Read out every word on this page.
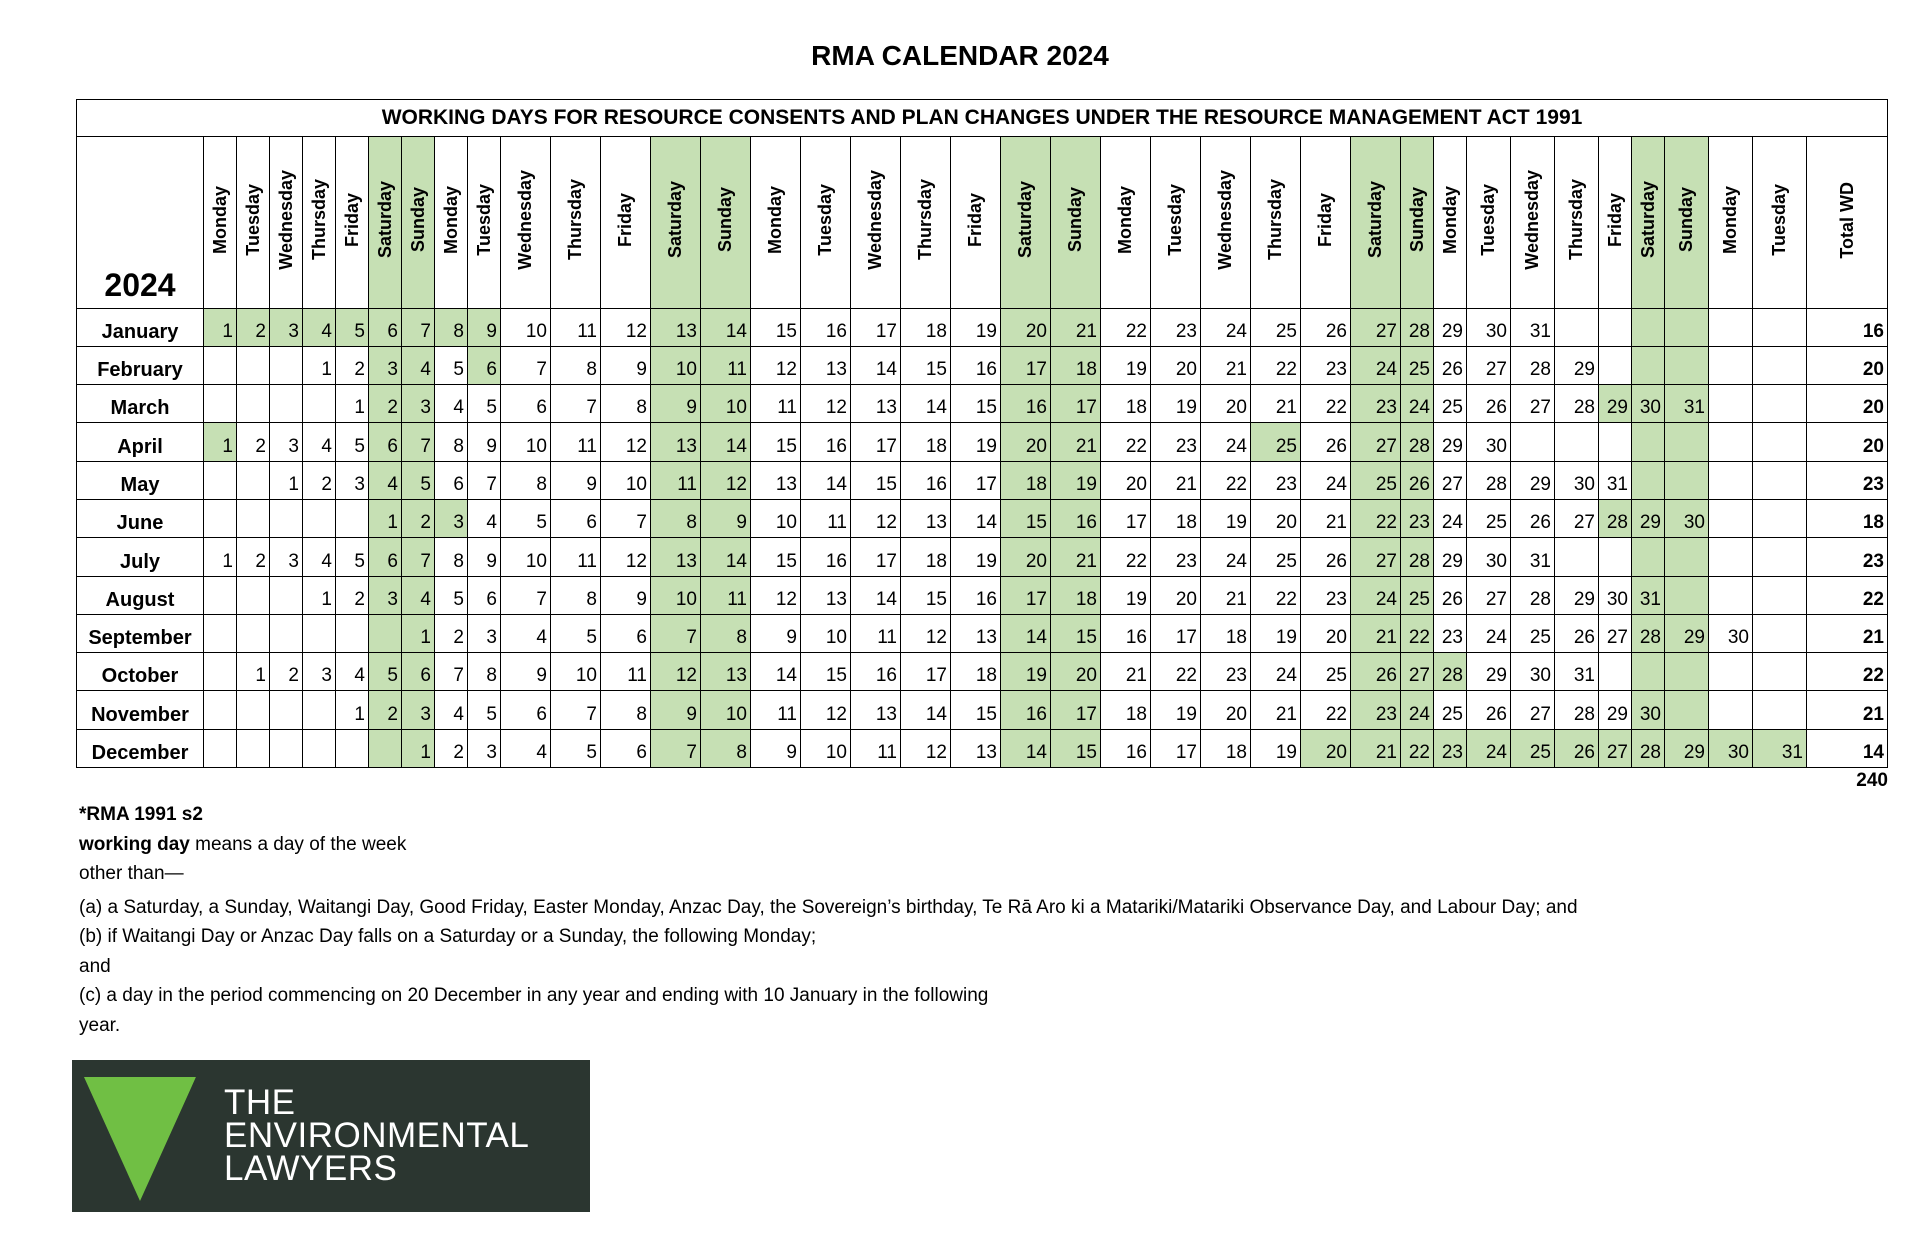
RMA CALENDAR 2024
WORKING DAYS FOR RESOURCE CONSENTS AND PLAN CHANGES UNDER THE RESOURCE MANAGEMENT ACT 1991																																						
2024	Monday	Tuesday	Wednesday	Thursday	Friday	Saturday	Sunday	Monday	Tuesday	Wednesday	Thursday	Friday	Saturday	Sunday	Monday	Tuesday	Wednesday	Thursday	Friday	Saturday	Sunday	Monday	Tuesday	Wednesday	Thursday	Friday	Saturday	Sunday	Monday	Tuesday	Wednesday	Thursday	Friday	Saturday	Sunday	Monday	Tuesday	Total WD
January	1	2	3	4	5	6	7	8	9	10	11	12	13	14	15	16	17	18	19	20	21	22	23	24	25	26	27	28	29	30	31							16
February				1	2	3	4	5	6	7	8	9	10	11	12	13	14	15	16	17	18	19	20	21	22	23	24	25	26	27	28	29						20
March					1	2	3	4	5	6	7	8	9	10	11	12	13	14	15	16	17	18	19	20	21	22	23	24	25	26	27	28	29	30	31			20
April	1	2	3	4	5	6	7	8	9	10	11	12	13	14	15	16	17	18	19	20	21	22	23	24	25	26	27	28	29	30								20
May			1	2	3	4	5	6	7	8	9	10	11	12	13	14	15	16	17	18	19	20	21	22	23	24	25	26	27	28	29	30	31					23
June						1	2	3	4	5	6	7	8	9	10	11	12	13	14	15	16	17	18	19	20	21	22	23	24	25	26	27	28	29	30			18
July	1	2	3	4	5	6	7	8	9	10	11	12	13	14	15	16	17	18	19	20	21	22	23	24	25	26	27	28	29	30	31							23
August				1	2	3	4	5	6	7	8	9	10	11	12	13	14	15	16	17	18	19	20	21	22	23	24	25	26	27	28	29	30	31				22
September							1	2	3	4	5	6	7	8	9	10	11	12	13	14	15	16	17	18	19	20	21	22	23	24	25	26	27	28	29	30		21
October		1	2	3	4	5	6	7	8	9	10	11	12	13	14	15	16	17	18	19	20	21	22	23	24	25	26	27	28	29	30	31						22
November					1	2	3	4	5	6	7	8	9	10	11	12	13	14	15	16	17	18	19	20	21	22	23	24	25	26	27	28	29	30				21
December							1	2	3	4	5	6	7	8	9	10	11	12	13	14	15	16	17	18	19	20	21	22	23	24	25	26	27	28	29	30	31	14
240
*RMA 1991 s2
working day means a day of the week
other than—
(a) a Saturday, a Sunday, Waitangi Day, Good Friday, Easter Monday, Anzac Day, the Sovereign’s birthday, Te Rā Aro ki a Matariki/Matariki Observance Day, and Labour Day; and
(b) if Waitangi Day or Anzac Day falls on a Saturday or a Sunday, the following Monday;
and
(c) a day in the period commencing on 20 December in any year and ending with 10 January in the following
year.
THE
ENVIRONMENTAL
LAWYERS
